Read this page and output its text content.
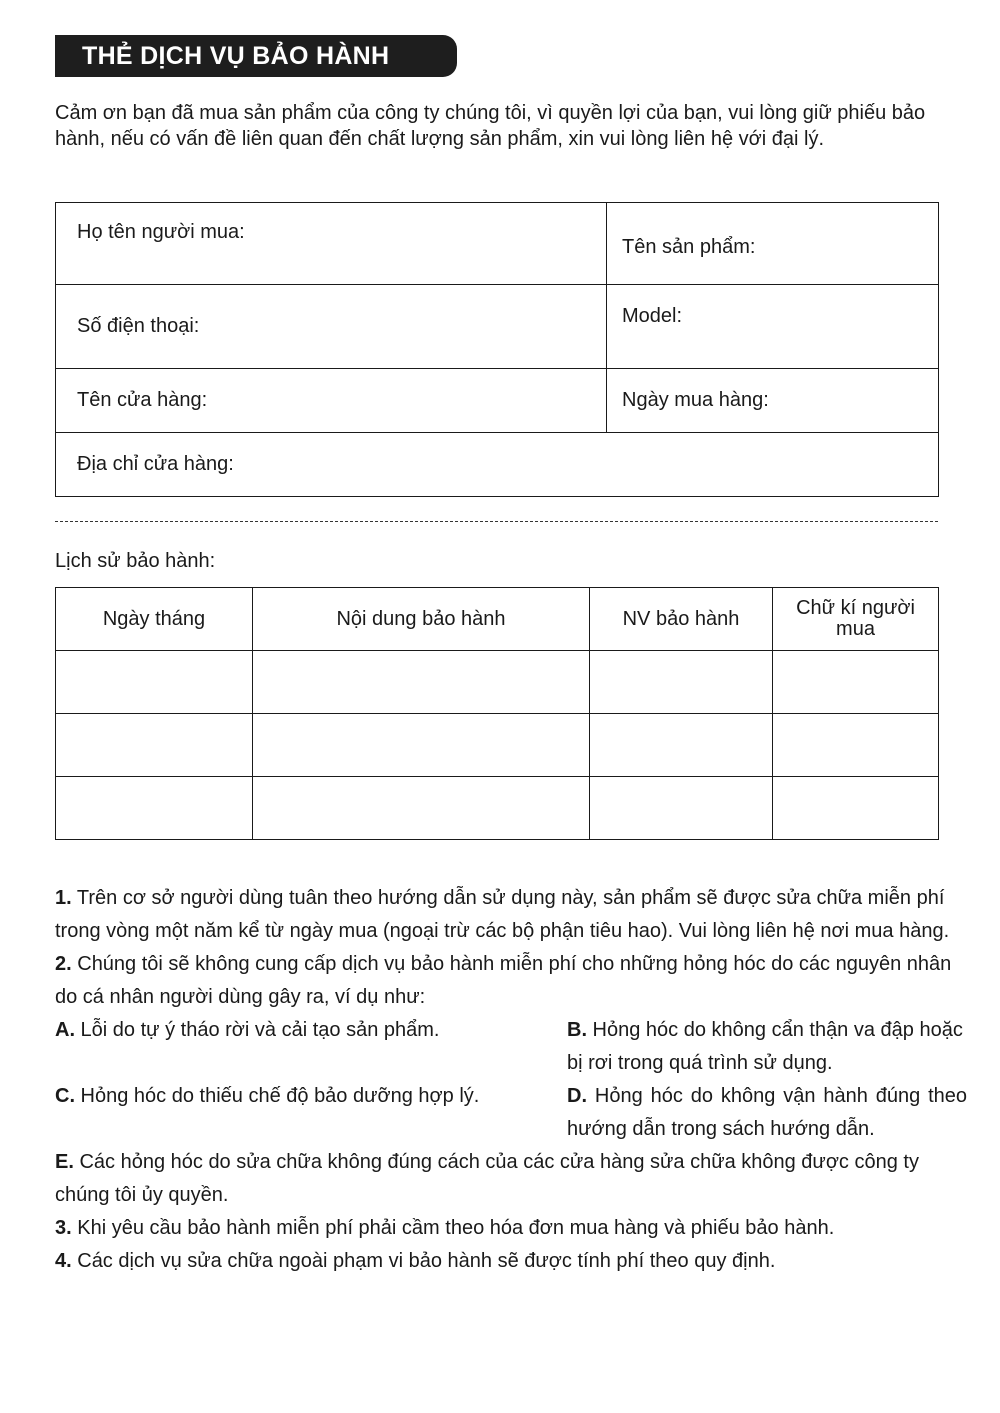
THẺ DỊCH VỤ BẢO HÀNH

Cảm ơn bạn đã mua sản phẩm của công ty chúng tôi, vì quyền lợi của bạn, vui lòng giữ phiếu bảo hành, nếu có vấn đề liên quan đến chất lượng sản phẩm, xin vui lòng liên hệ với đại lý.

Họ tên người mua:	Tên sản phẩm:
Số điện thoại:	Model:
Tên cửa hàng:	Ngày mua hàng:
Địa chỉ cửa hàng:	
Lịch sử bảo hành:
Ngày tháng	Nội dung bảo hành	NV bảo hành	Chữ kí người mua

1. Trên cơ sở người dùng tuân theo hướng dẫn sử dụng này, sản phẩm sẽ được sửa chữa miễn phí trong vòng một năm kể từ ngày mua (ngoại trừ các bộ phận tiêu hao). Vui lòng liên hệ nơi mua hàng.

2. Chúng tôi sẽ không cung cấp dịch vụ bảo hành miễn phí cho những hỏng hóc do các nguyên nhân do cá nhân người dùng gây ra, ví dụ như:

A. Lỗi do tự ý tháo rời và cải tạo sản phẩm.	B. Hỏng hóc do không cẩn thận va đập hoặc bị rơi trong quá trình sử dụng.

C. Hỏng hóc do thiếu chế độ bảo dưỡng hợp lý.	D. Hỏng hóc do không vận hành đúng theo hướng dẫn trong sách hướng dẫn.

E. Các hỏng hóc do sửa chữa không đúng cách của các cửa hàng sửa chữa không được công ty chúng tôi ủy quyền.

3. Khi yêu cầu bảo hành miễn phí phải cầm theo hóa đơn mua hàng và phiếu bảo hành.

4. Các dịch vụ sửa chữa ngoài phạm vi bảo hành sẽ được tính phí theo quy định.
